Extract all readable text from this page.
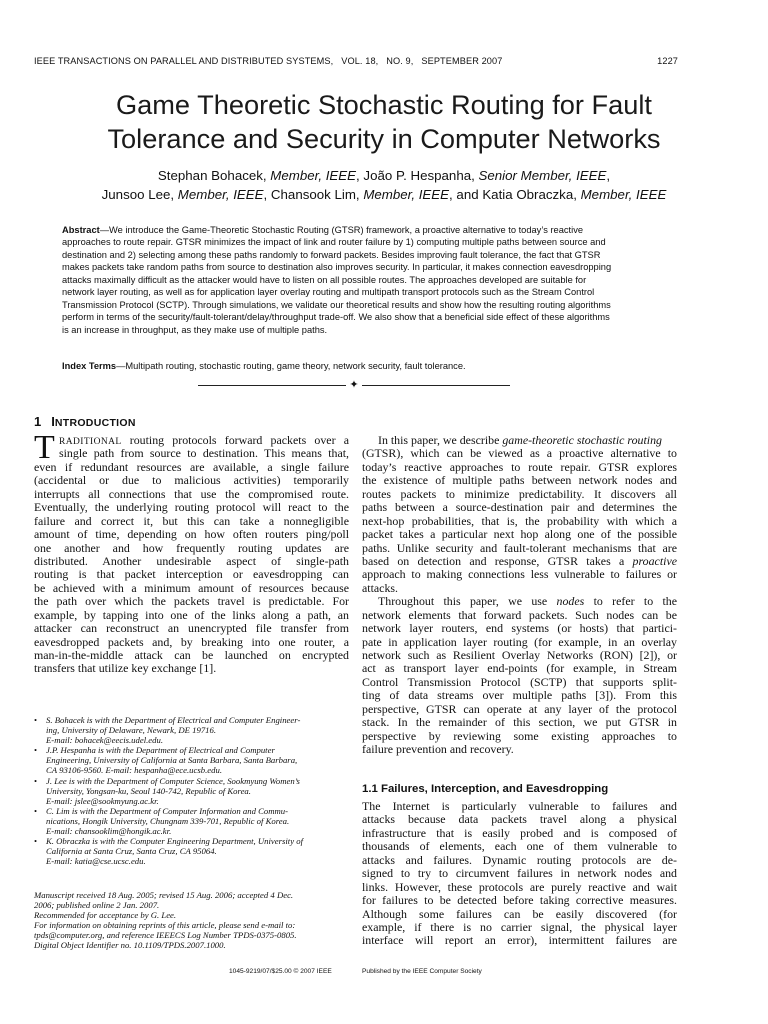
IEEE TRANSACTIONS ON PARALLEL AND DISTRIBUTED SYSTEMS,   VOL. 18,   NO. 9,   SEPTEMBER 2007	1227
Game Theoretic Stochastic Routing for Fault
Tolerance and Security in Computer Networks
Stephan Bohacek, Member, IEEE, João P. Hespanha, Senior Member, IEEE,
Junsoo Lee, Member, IEEE, Chansook Lim, Member, IEEE, and Katia Obraczka, Member, IEEE
Abstract—We introduce the Game-Theoretic Stochastic Routing (GTSR) framework, a proactive alternative to today’s reactive
approaches to route repair. GTSR minimizes the impact of link and router failure by 1) computing multiple paths between source and
destination and 2) selecting among these paths randomly to forward packets. Besides improving fault tolerance, the fact that GTSR
makes packets take random paths from source to destination also improves security. In particular, it makes connection eavesdropping
attacks maximally difficult as the attacker would have to listen on all possible routes. The approaches developed are suitable for
network layer routing, as well as for application layer overlay routing and multipath transport protocols such as the Stream Control
Transmission Protocol (SCTP). Through simulations, we validate our theoretical results and show how the resulting routing algorithms
perform in terms of the security/fault-tolerant/delay/throughput trade-off. We also show that a beneficial side effect of these algorithms
is an increase in throughput, as they make use of multiple paths.
Index Terms—Multipath routing, stochastic routing, game theory, network security, fault tolerance.
✦
1 INTRODUCTION
T RADITIONAL routing protocols forward packets over a
single path from source to destination. This means that,
even if redundant resources are available, a single failure
(accidental or due to malicious activities) temporarily
interrupts all connections that use the compromised route.
Eventually, the underlying routing protocol will react to the
failure and correct it, but this can take a nonnegligible
amount of time, depending on how often routers ping/poll
one another and how frequently routing updates are
distributed. Another undesirable aspect of single-path
routing is that packet interception or eavesdropping can
be achieved with a minimum amount of resources because
the path over which the packets travel is predictable. For
example, by tapping into one of the links along a path, an
attacker can reconstruct an unencrypted file transfer from
eavesdropped packets and, by breaking into one router, a
man-in-the-middle attack can be launched on encrypted
transfers that utilize key exchange [1].
• S. Bohacek is with the Department of Electrical and Computer Engineer-
ing, University of Delaware, Newark, DE 19716.
E-mail: bohacek@eecis.udel.edu.
• J.P. Hespanha is with the Department of Electrical and Computer
Engineering, University of California at Santa Barbara, Santa Barbara,
CA 93106-9560. E-mail: hespanha@ece.ucsb.edu.
• J. Lee is with the Department of Computer Science, Sookmyung Women’s
University, Yongsan-ku, Seoul 140-742, Republic of Korea.
E-mail: jslee@sookmyung.ac.kr.
• C. Lim is with the Department of Computer Information and Commu-
nications, Hongik University, Chungnam 339-701, Republic of Korea.
E-mail: chansooklim@hongik.ac.kr.
• K. Obraczka is with the Computer Engineering Department, University of
California at Santa Cruz, Santa Cruz, CA 95064.
E-mail: katia@cse.ucsc.edu.
Manuscript received 18 Aug. 2005; revised 15 Aug. 2006; accepted 4 Dec.
2006; published online 2 Jan. 2007.
Recommended for acceptance by G. Lee.
For information on obtaining reprints of this article, please send e-mail to:
tpds@computer.org, and reference IEEECS Log Number TPDS-0375-0805.
Digital Object Identifier no. 10.1109/TPDS.2007.1000.
In this paper, we describe game-theoretic stochastic routing
(GTSR), which can be viewed as a proactive alternative to
today’s reactive approaches to route repair. GTSR explores
the existence of multiple paths between network nodes and
routes packets to minimize predictability. It discovers all
paths between a source-destination pair and determines the
next-hop probabilities, that is, the probability with which a
packet takes a particular next hop along one of the possible
paths. Unlike security and fault-tolerant mechanisms that are
based on detection and response, GTSR takes a proactive
approach to making connections less vulnerable to failures or
attacks.
Throughout this paper, we use nodes to refer to the
network elements that forward packets. Such nodes can be
network layer routers, end systems (or hosts) that partici-
pate in application layer routing (for example, in an overlay
network such as Resilient Overlay Networks (RON) [2]), or
act as transport layer end-points (for example, in Stream
Control Transmission Protocol (SCTP) that supports split-
ting of data streams over multiple paths [3]). From this
perspective, GTSR can operate at any layer of the protocol
stack. In the remainder of this section, we put GTSR in
perspective by reviewing some existing approaches to
failure prevention and recovery.
1.1 Failures, Interception, and Eavesdropping
The Internet is particularly vulnerable to failures and
attacks because data packets travel along a physical
infrastructure that is easily probed and is composed of
thousands of elements, each one of them vulnerable to
attacks and failures. Dynamic routing protocols are de-
signed to try to circumvent failures in network nodes and
links. However, these protocols are purely reactive and wait
for failures to be detected before taking corrective measures.
Although some failures can be easily discovered (for
example, if there is no carrier signal, the physical layer
interface will report an error), intermittent failures are
1045-9219/07/$25.00 © 2007 IEEE	Published by the IEEE Computer Society
